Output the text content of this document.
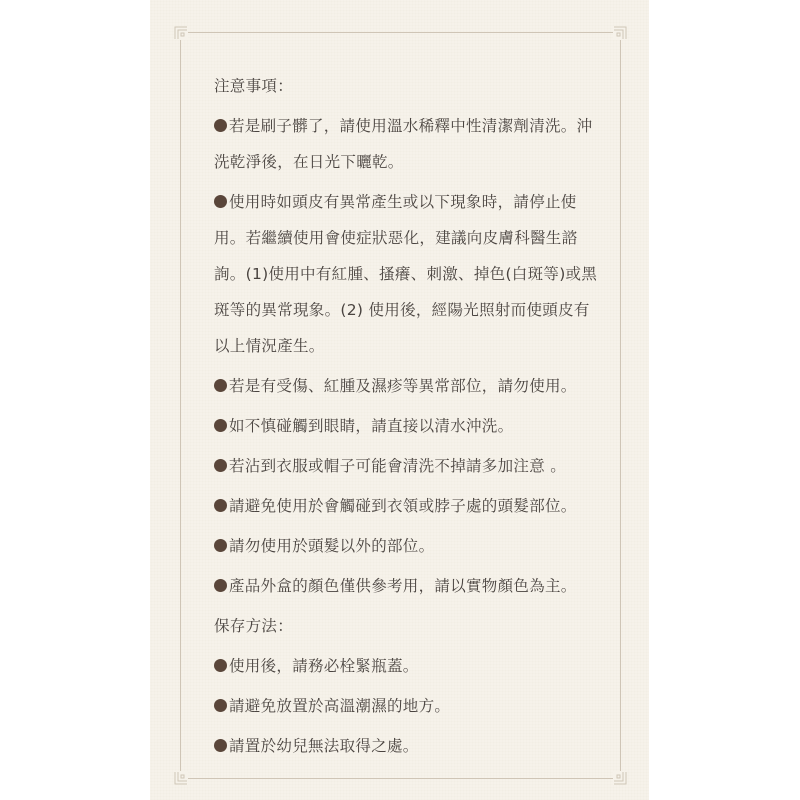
注意事項：
若是刷子髒了，請使用溫水稀釋中性清潔劑清洗。沖洗乾淨後，在日光下曬乾。
使用時如頭皮有異常產生或以下現象時，請停止使用。若繼續使用會使症狀惡化，建議向皮膚科醫生諮詢。(1)使用中有紅腫、搔癢、刺激、掉色(白斑等)或黑斑等的異常現象。(2) 使用後，經陽光照射而使頭皮有以上情況產生。
若是有受傷、紅腫及濕疹等異常部位，請勿使用。
如不慎碰觸到眼睛，請直接以清水沖洗。
若沾到衣服或帽子可能會清洗不掉請多加注意 。
請避免使用於會觸碰到衣領或脖子處的頭髮部位。
請勿使用於頭髮以外的部位。
產品外盒的顏色僅供參考用，請以實物顏色為主。
保存方法：
使用後，請務必栓緊瓶蓋。
請避免放置於高溫潮濕的地方。
請置於幼兒無法取得之處。
